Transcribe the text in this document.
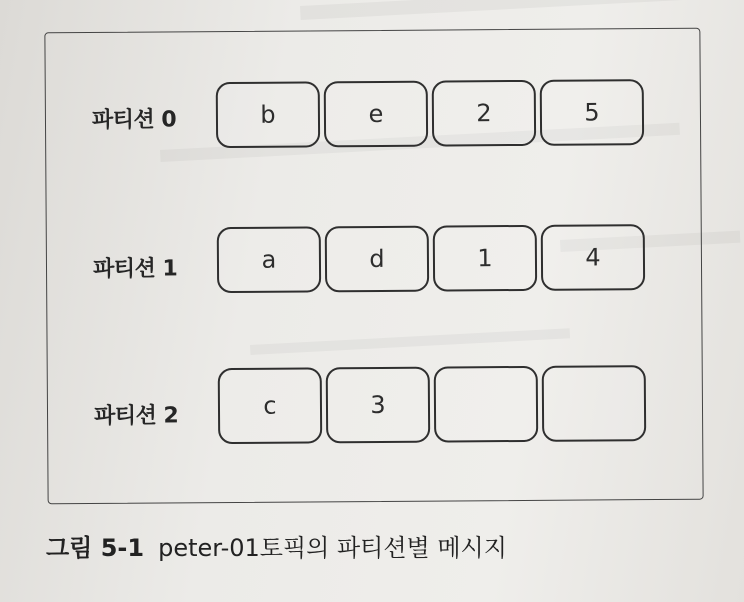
파티션 0	b	e	2	5
파티션 1	a	d	1	4
파티션 2	c	3
그림 5-1 peter-01토픽의 파티션별 메시지
